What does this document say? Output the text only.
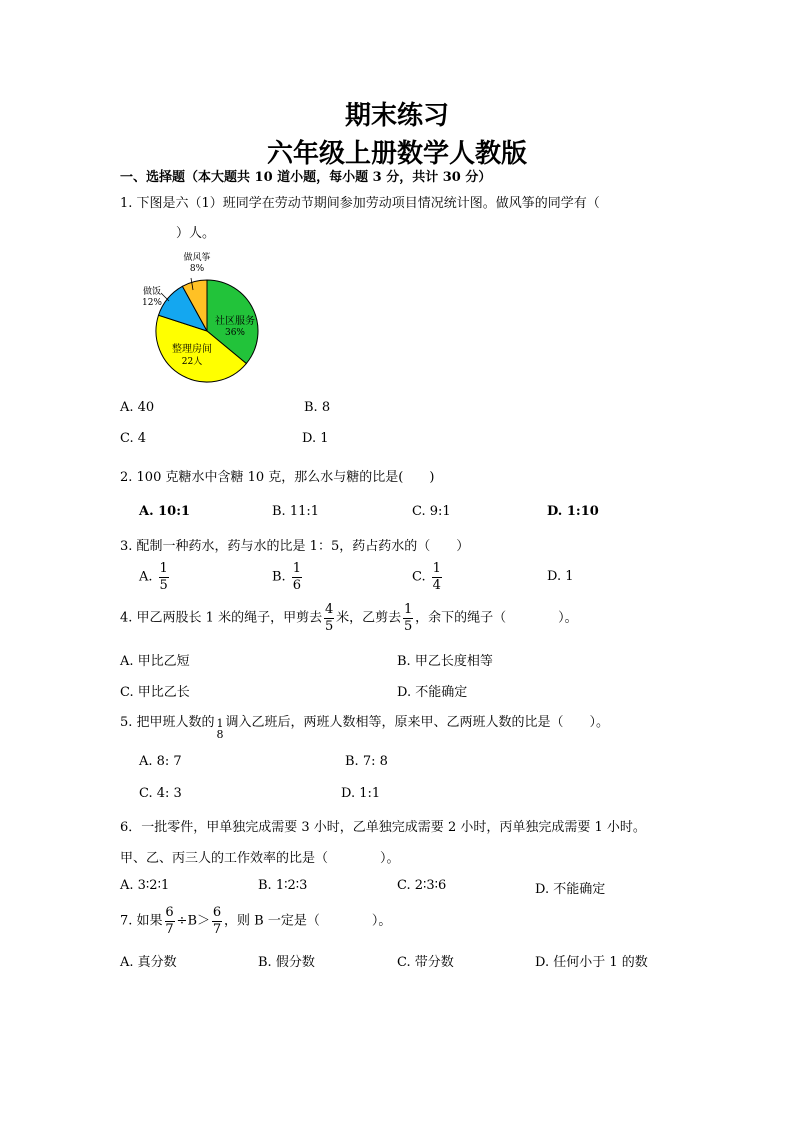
期末练习
六年级上册数学人教版
一、选择题（本大题共 10 道小题，每小题 3 分，共计 30 分）
1. 下图是六（1）班同学在劳动节期间参加劳动项目情况统计图。做风筝的同学有（
）人。
做风筝
8%
做饭
12%
社区服务
36%
整理房间
22人
A. 40	B. 8
C. 4	D. 1
2. 100 克糖水中含糖 10 克，那么水与糖的比是(　　)
A. 10:1	B. 11:1	C. 9:1	D. 1:10
3. 配制一种药水，药与水的比是 1：5，药占药水的（　　）
A. $\frac{1}{5}$	B. $\frac{1}{6}$	C. $\frac{1}{4}$	D. 1
4. 甲乙两股长 1 米的绳子，甲剪去 $\frac{4}{5}$ 米，乙剪去 $\frac{1}{5}$ ，余下的绳子（　　　　）。
A. 甲比乙短	B. 甲乙长度相等
C. 甲比乙长	D. 不能确定
5. 把甲班人数的 1
8
调入乙班后，两班人数相等，原来甲、乙两班人数的比是（　　）。
A. 8: 7	B. 7: 8
C. 4: 3	D. 1:1
6．一批零件，甲单独完成需要 3 小时，乙单独完成需要 2 小时，丙单独完成需要 1 小时。
甲、乙、丙三人的工作效率的比是（　　　　）。
A. 3∶2∶1	B. 1∶2∶3	C. 2∶3∶6	D. 不能确定
7. 如果 $\frac{6}{7} \div B> \frac{6}{7}$ ，则 B 一定是（　　　　）。
A. 真分数	B. 假分数	C. 带分数	D. 任何小于 1 的数
